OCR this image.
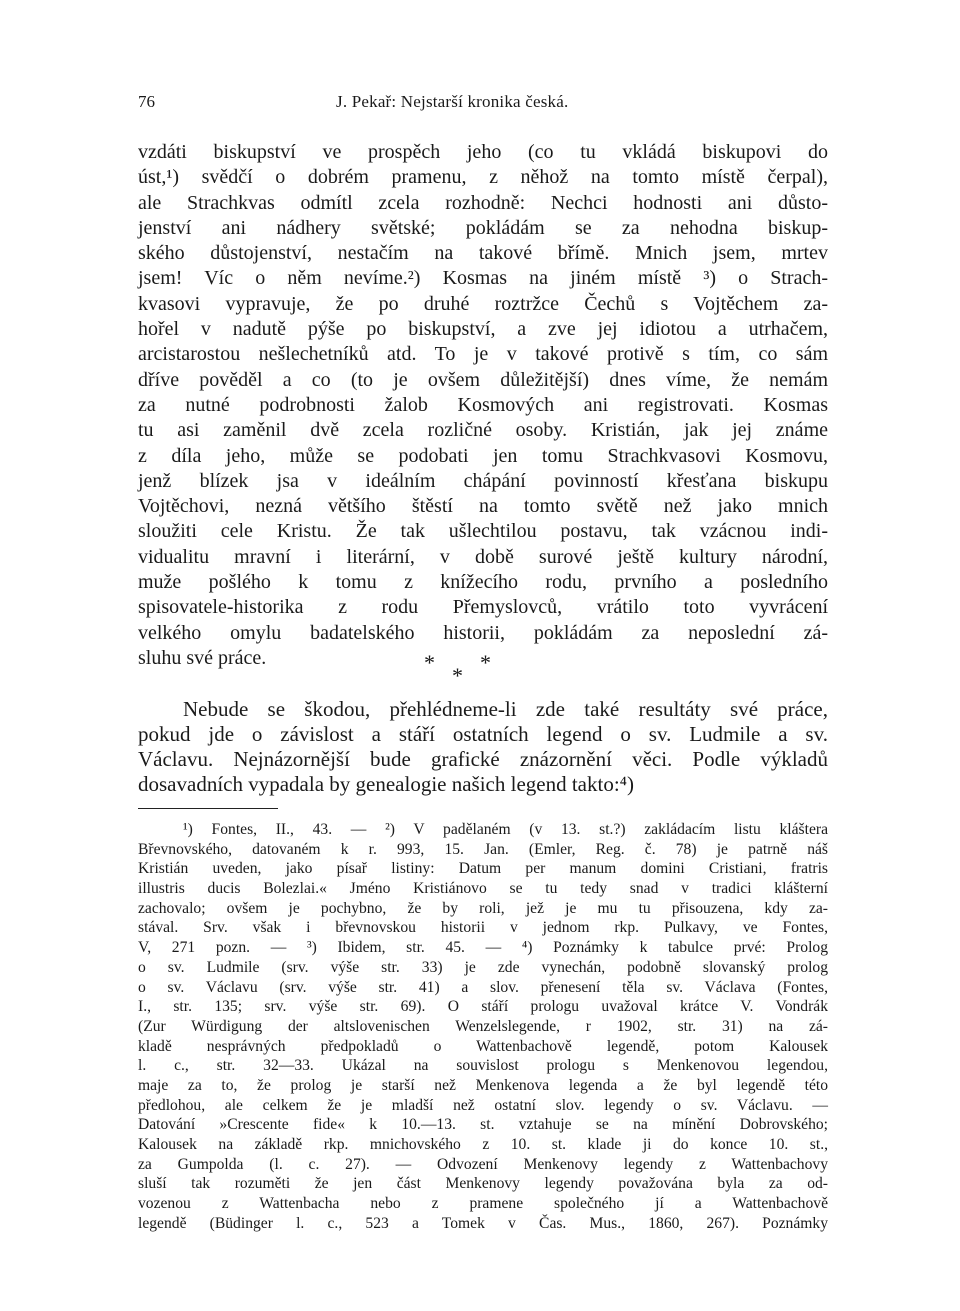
76	J. Pekař: Nejstarší kronika česká.
vzdáti biskupství ve prospěch jeho (co tu vkládá biskupovi do
úst,¹) svědčí o dobrém pramenu, z něhož na tomto místě čerpal),
ale Strachkvas odmítl zcela rozhodně: Nechci hodnosti ani důsto-
jenství ani nádhery světské; pokládám se za nehodna biskup-
ského důstojenství, nestačím na takové břímě. Mnich jsem, mrtev
jsem! Víc o něm nevíme.²) Kosmas na jiném místě ³) o Strach-
kvasovi vypravuje, že po druhé roztržce Čechů s Vojtěchem za-
hořel v nadutě pýše po biskupství, a zve jej idiotou a utrhačem,
arcistarostou nešlechetníků atd. To je v takové protivě s tím, co sám
dříve pověděl a co (to je ovšem důležitější) dnes víme, že nemám
za nutné podrobnosti žalob Kosmových ani registrovati. Kosmas
tu asi zaměnil dvě zcela rozličné osoby. Kristián, jak jej známe
z díla jeho, může se podobati jen tomu Strachkvasovi Kosmovu,
jenž blízek jsa v ideálním chápání povinností křesťana biskupu
Vojtěchovi, nezná většího štěstí na tomto světě než jako mnich
sloužiti cele Kristu. Že tak ušlechtilou postavu, tak vzácnou indi-
vidualitu mravní i literární, v době surové ještě kultury národní,
muže pošlého k tomu z knížecího rodu, prvního a posledního
spisovatele-historika z rodu Přemyslovců, vrátilo toto vyvrácení
velkého omylu badatelského historii, pokládám za neposlední zá-
sluhu své práce.	* *
*
Nebude se škodou, přehlédneme-li zde také resultáty své práce,
pokud jde o závislost a stáří ostatních legend o sv. Ludmile a sv.
Václavu. Nejnázornější bude grafické znázornění věci. Podle výkladů
dosavadních vypadala by genealogie našich legend takto:⁴)
¹) Fontes, II., 43. — ²) V padělaném (v 13. st.?) zakládacím listu kláštera
Břevnovského, datovaném k r. 993, 15. Jan. (Emler, Reg. č. 78) je patrně náš
Kristián uveden, jako písař listiny: Datum per manum domini Cristiani, fratris
illustris ducis Bolezlai.« Jméno Kristiánovo se tu tedy snad v tradici klášterní
zachovalo; ovšem je pochybno, že by roli, jež je mu tu přisouzena, kdy za-
stával. Srv. však i břevnovskou historii v jednom rkp. Pulkavy, ve Fontes,
V, 271 pozn. — ³) Ibidem, str. 45. — ⁴) Poznámky k tabulce prvé: Prolog
o sv. Ludmile (srv. výše str. 33) je zde vynechán, podobně slovanský prolog
o sv. Václavu (srv. výše str. 41) a slov. přenesení těla sv. Václava (Fontes,
I., str. 135; srv. výše str. 69). O stáří prologu uvažoval krátce V. Vondrák
(Zur Würdigung der altslovenischen Wenzelslegende, r 1902, str. 31) na zá-
kladě nesprávných předpokladů o Wattenbachově legendě, potom Kalousek
l. c., str. 32—33. Ukázal na souvislost prologu s Menkenovou legendou,
maje za to, že prolog je starší než Menkenova legenda a že byl legendě této
předlohou, ale celkem že je mladší než ostatní slov. legendy o sv. Václavu. —
Datování »Crescente fide« k 10.—13. st. vztahuje se na mínění Dobrovského;
Kalousek na základě rkp. mnichovského z 10. st. klade ji do konce 10. st.,
za Gumpolda (l. c. 27). — Odvození Menkenovy legendy z Wattenbachovy
sluší tak rozuměti že jen část Menkenovy legendy považována byla za od-
vozenou z Wattenbacha nebo z pramene společného jí a Wattenbachově
legendě (Büdinger l. c., 523 a Tomek v Čas. Mus., 1860, 267). Poznámky
